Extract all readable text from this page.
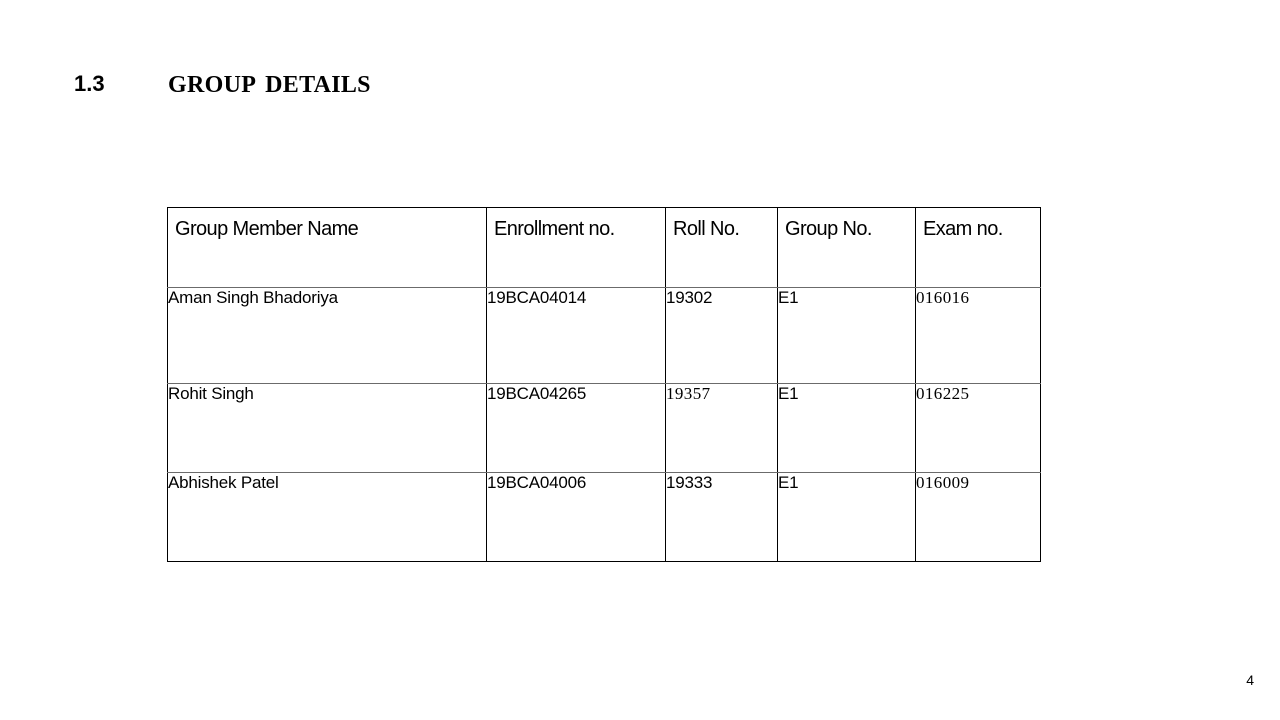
1.3	GROUP DETAILS
Group Member Name	Enrollment no.	Roll No.	Group No.	Exam no.
Aman Singh Bhadoriya	19BCA04014	19302	E1	016016
Rohit Singh	19BCA04265	19357	E1	016225
Abhishek Patel	19BCA04006	19333	E1	016009
4
